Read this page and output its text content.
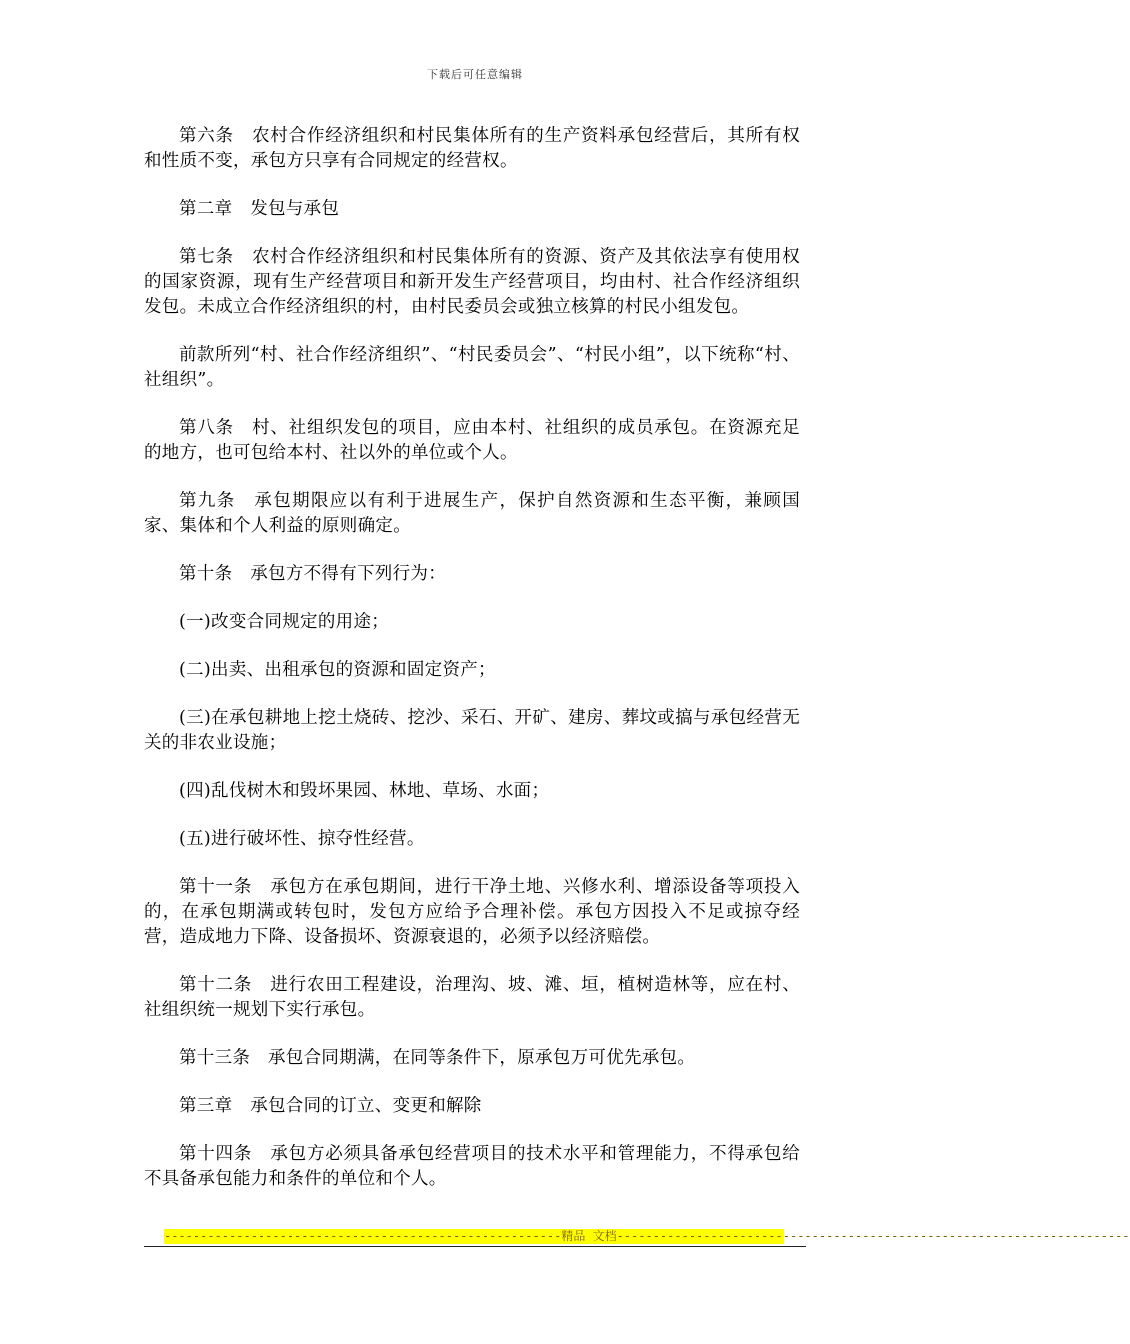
下载后可任意编辑

第六条　农村合作经济组织和村民集体所有的生产资料承包经营后，其所有权和性质不变，承包方只享有合同规定的经营权。

第二章　发包与承包

第七条　农村合作经济组织和村民集体所有的资源、资产及其依法享有使用权的国家资源，现有生产经营项目和新开发生产经营项目，均由村、社合作经济组织发包。未成立合作经济组织的村，由村民委员会或独立核算的村民小组发包。

前款所列“村、社合作经济组织”、“村民委员会”、“村民小组”，以下统称“村、社组织”。

第八条　村、社组织发包的项目，应由本村、社组织的成员承包。在资源充足的地方，也可包给本村、社以外的单位或个人。

第九条　承包期限应以有利于进展生产，保护自然资源和生态平衡，兼顾国家、集体和个人利益的原则确定。

第十条　承包方不得有下列行为：

(一)改变合同规定的用途；

(二)出卖、出租承包的资源和固定资产；

(三)在承包耕地上挖土烧砖、挖沙、采石、开矿、建房、葬坟或搞与承包经营无关的非农业设施；

(四)乱伐树木和毁坏果园、林地、草场、水面；

(五)进行破坏性、掠夺性经营。

第十一条　承包方在承包期间，进行干净土地、兴修水利、增添设备等项投入的，在承包期满或转包时，发包方应给予合理补偿。承包方因投入不足或掠夺经营，造成地力下降、设备损坏、资源衰退的，必须予以经济赔偿。

第十二条　进行农田工程建设，治理沟、坡、滩、垣，植树造林等，应在村、社组织统一规划下实行承包。

第十三条　承包合同期满，在同等条件下，原承包万可优先承包。

第三章　承包合同的订立、变更和解除

第十四条　承包方必须具备承包经营项目的技术水平和管理能力，不得承包给不具备承包能力和条件的单位和个人。

-------------------------------------------------------精品 文档-----------------------------------------------------------------------
